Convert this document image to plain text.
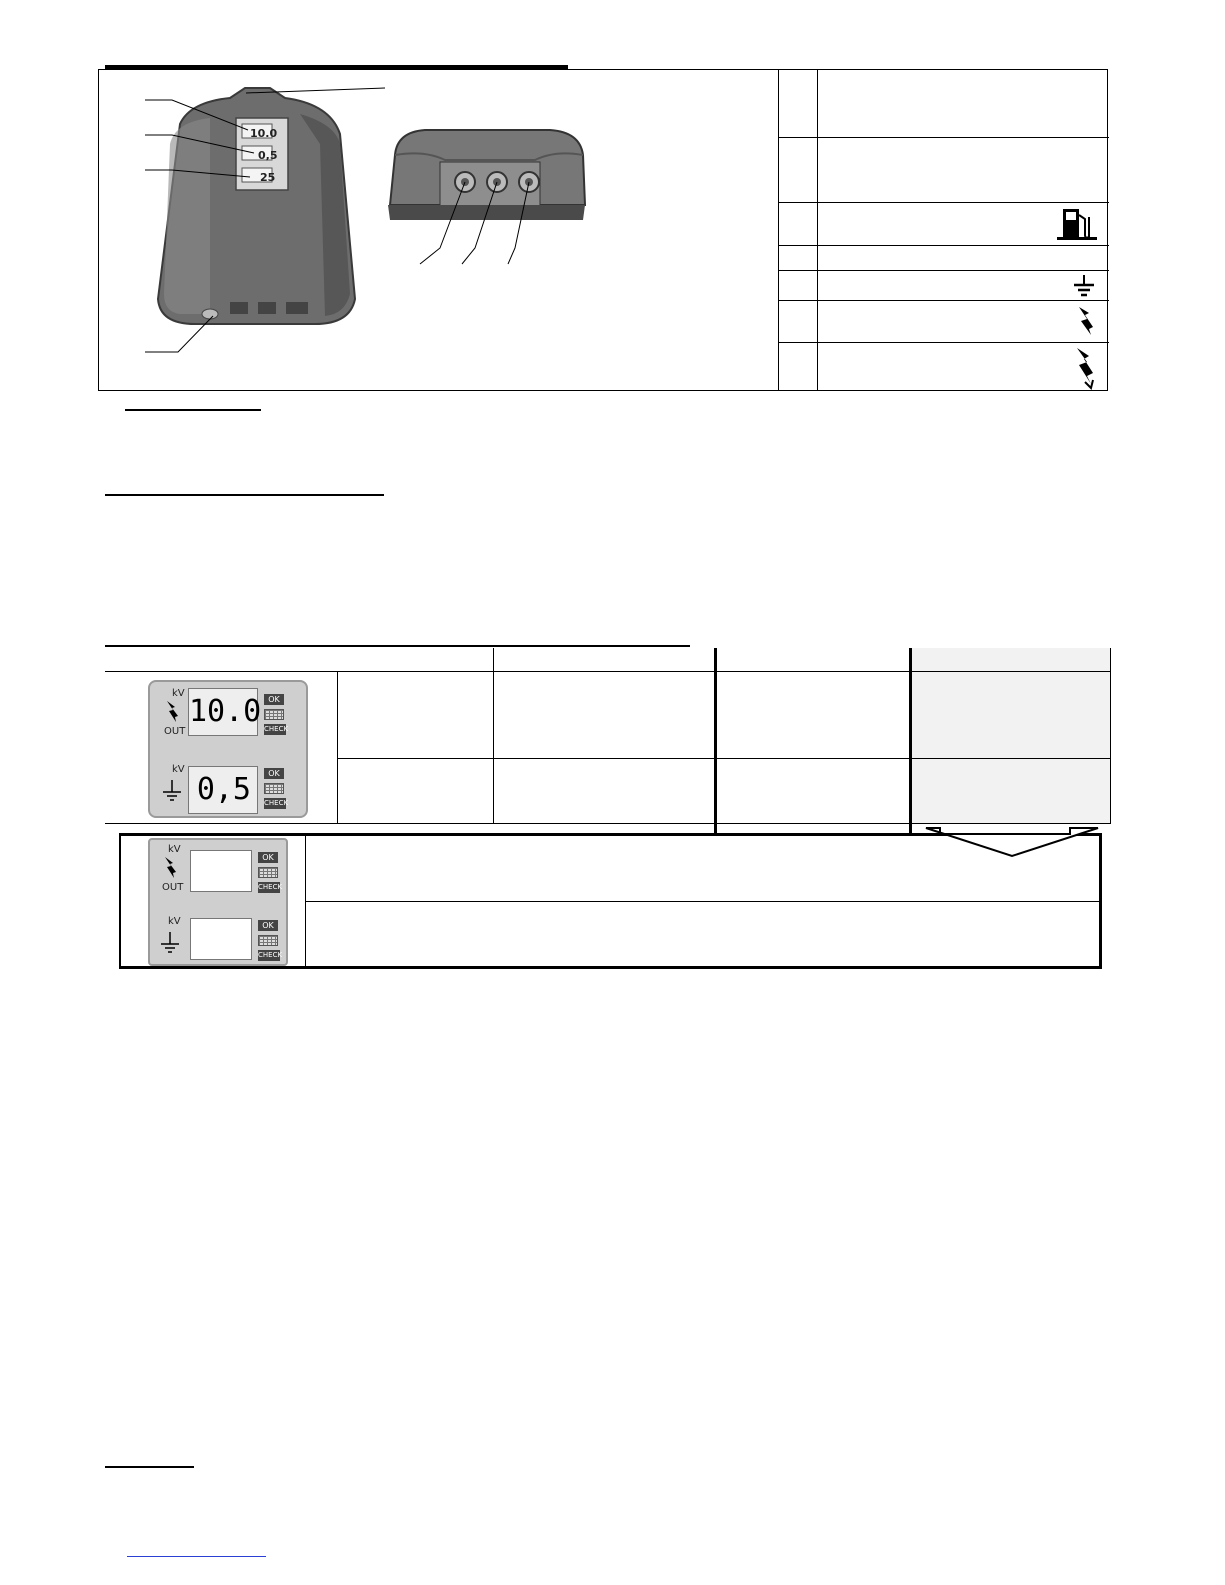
10.0
0,5
25
kV
OUT
10.0 OK
CHECK
kV
0,5	OK
CHECK
kV
OUT
OK
CHECK
kV	OK
CHECK
